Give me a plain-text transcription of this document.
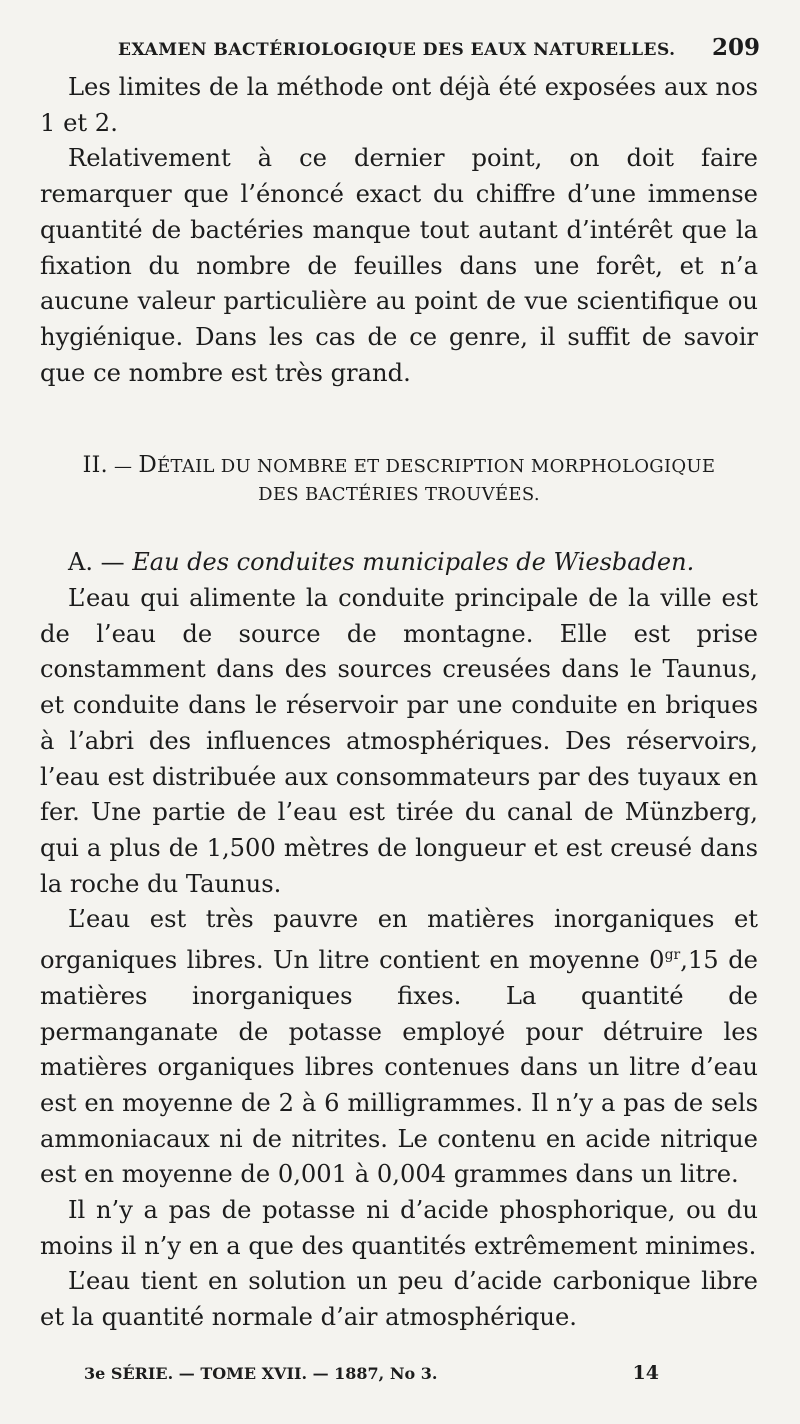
EXAMEN BACTÉRIOLOGIQUE DES EAUX NATURELLES. 209

Les limites de la méthode ont déjà été exposées aux nos 1 et 2.

Relativement à ce dernier point, on doit faire remarquer que l’énoncé exact du chiffre d’une immense quantité de bactéries manque tout autant d’intérêt que la fixation du nombre de feuilles dans une forêt, et n’a aucune valeur particulière au point de vue scientifique ou hygiénique. Dans les cas de ce genre, il suffit de savoir que ce nombre est très grand.

II. — DÉTAIL DU NOMBRE ET DESCRIPTION MORPHOLOGIQUE
DES BACTÉRIES TROUVÉES.

A. — Eau des conduites municipales de Wiesbaden.

L’eau qui alimente la conduite principale de la ville est de l’eau de source de montagne. Elle est prise constamment dans des sources creusées dans le Taunus, et conduite dans le réservoir par une conduite en briques à l’abri des influences atmosphériques. Des réservoirs, l’eau est distribuée aux consommateurs par des tuyaux en fer. Une partie de l’eau est tirée du canal de Münzberg, qui a plus de 1,500 mètres de longueur et est creusé dans la roche du Taunus.

L’eau est très pauvre en matières inorganiques et organiques libres. Un litre contient en moyenne $0^{gr},15$ de matières inorganiques fixes. La quantité de permanganate de potasse employé pour détruire les matières organiques libres contenues dans un litre d’eau est en moyenne de 2 à 6 milligrammes. Il n’y a pas de sels ammoniacaux ni de nitrites. Le contenu en acide nitrique est en moyenne de 0,001 à 0,004 grammes dans un litre.

Il n’y a pas de potasse ni d’acide phosphorique, ou du moins il n’y en a que des quantités extrêmement minimes.

L’eau tient en solution un peu d’acide carbonique libre et la quantité normale d’air atmosphérique.

3e SÉRIE. — TOME XVII. — 1887, No 3.	14
